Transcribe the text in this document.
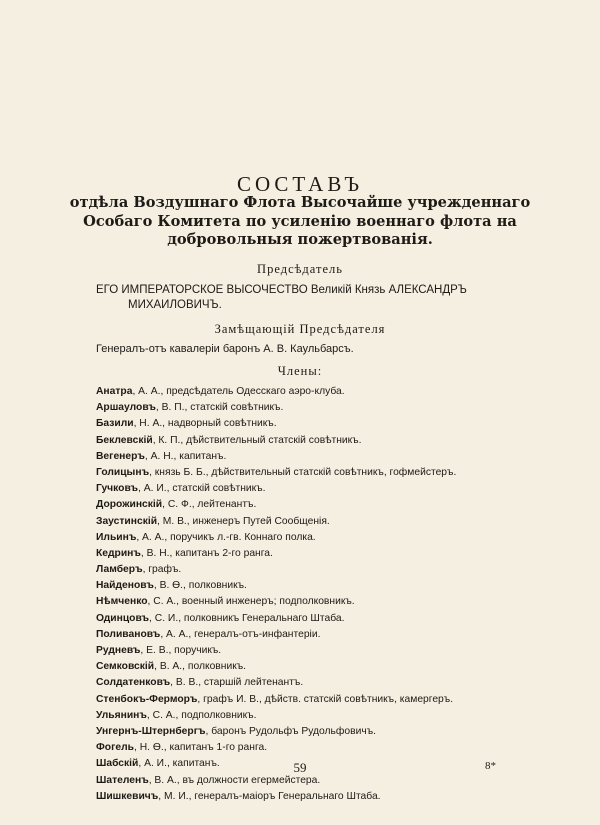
СОСТАВЪ
отдѣла Воздушнаго Флота Высочайше учрежденнаго Особаго Комитета по усиленію военнаго флота на добровольныя пожертвованія.
Предсѣдатель
ЕГО ИМПЕРАТОРСКОЕ ВЫСОЧЕСТВО Великій Князь АЛЕКСАНДРЪ
МИХАИЛОВИЧЪ.
Замѣщающій Предсѣдателя
Генералъ-отъ кавалеріи баронъ А. В. Каульбарсъ.
Члены:
Анатра, А. А., предсѣдатель Одесскаго аэро-клуба.
Аршауловъ, В. П., статскій совѣтникъ.
Базили, Н. А., надворный совѣтникъ.
Беклевскій, К. П., дѣйствительный статскій совѣтникъ.
Вегенеръ, А. Н., капитанъ.
Голицынъ, князь Б. Б., дѣйствительный статскій совѣтникъ, гофмейстеръ.
Гучковъ, А. И., статскій совѣтникъ.
Дорожинскій, С. Ф., лейтенантъ.
Заустинскій, М. В., инженеръ Путей Сообщенія.
Ильинъ, А. А., поручикъ л.-гв. Коннаго полка.
Кедринъ, В. Н., капитанъ 2-го ранга.
Ламберъ, графъ.
Найденовъ, В. Ѳ., полковникъ.
Нѣмченко, С. А., военный инженеръ; подполковникъ.
Одинцовъ, С. И., полковникъ Генеральнаго Штаба.
Поливановъ, А. А., генералъ-отъ-инфантеріи.
Рудневъ, Е. В., поручикъ.
Семковскій, В. А., полковникъ.
Солдатенковъ, В. В., старшій лейтенантъ.
Стенбокъ-Ферморъ, графъ И. В., дѣйств. статскій совѣтникъ, камергеръ.
Ульянинъ, С. А., подполковникъ.
Унгернъ-Штернбергъ, баронъ Рудольфъ Рудольфовичъ.
Фогель, Н. Ѳ., капитанъ 1-го ранга.
Шабскій, А. И., капитанъ.
Шателенъ, В. А., въ должности егермейстера.
Шишкевичъ, М. И., генералъ-маіоръ Генеральнаго Штаба.
59	8*
